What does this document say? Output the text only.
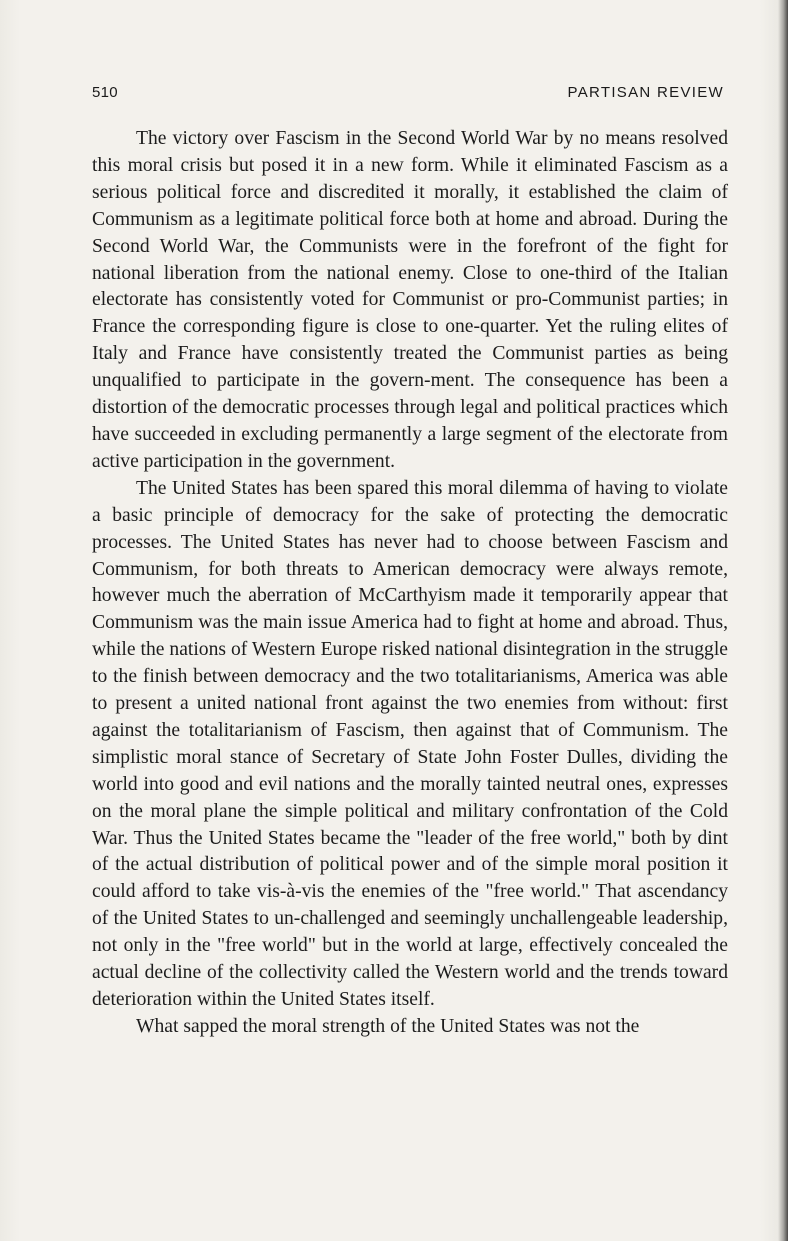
510	PARTISAN REVIEW

The victory over Fascism in the Second World War by no means resolved this moral crisis but posed it in a new form. While it eliminated Fascism as a serious political force and discredited it morally, it established the claim of Communism as a legitimate political force both at home and abroad. During the Second World War, the Communists were in the forefront of the fight for national liberation from the national enemy. Close to one-third of the Italian electorate has consistently voted for Communist or pro-Communist parties; in France the corresponding figure is close to one-quarter. Yet the ruling elites of Italy and France have consistently treated the Communist parties as being unqualified to participate in the govern-ment. The consequence has been a distortion of the democratic processes through legal and political practices which have succeeded in excluding permanently a large segment of the electorate from active participation in the government.

The United States has been spared this moral dilemma of having to violate a basic principle of democracy for the sake of protecting the democratic processes. The United States has never had to choose between Fascism and Communism, for both threats to American democracy were always remote, however much the aberration of McCarthyism made it temporarily appear that Communism was the main issue America had to fight at home and abroad. Thus, while the nations of Western Europe risked national disintegration in the struggle to the finish between democracy and the two totalitarianisms, America was able to present a united national front against the two enemies from without: first against the totalitarianism of Fascism, then against that of Communism. The simplistic moral stance of Secretary of State John Foster Dulles, dividing the world into good and evil nations and the morally tainted neutral ones, expresses on the moral plane the simple political and military confrontation of the Cold War. Thus the United States became the "leader of the free world," both by dint of the actual distribution of political power and of the simple moral position it could afford to take vis-à-vis the enemies of the "free world." That ascendancy of the United States to un-challenged and seemingly unchallengeable leadership, not only in the "free world" but in the world at large, effectively concealed the actual decline of the collectivity called the Western world and the trends toward deterioration within the United States itself.

What sapped the moral strength of the United States was not the
